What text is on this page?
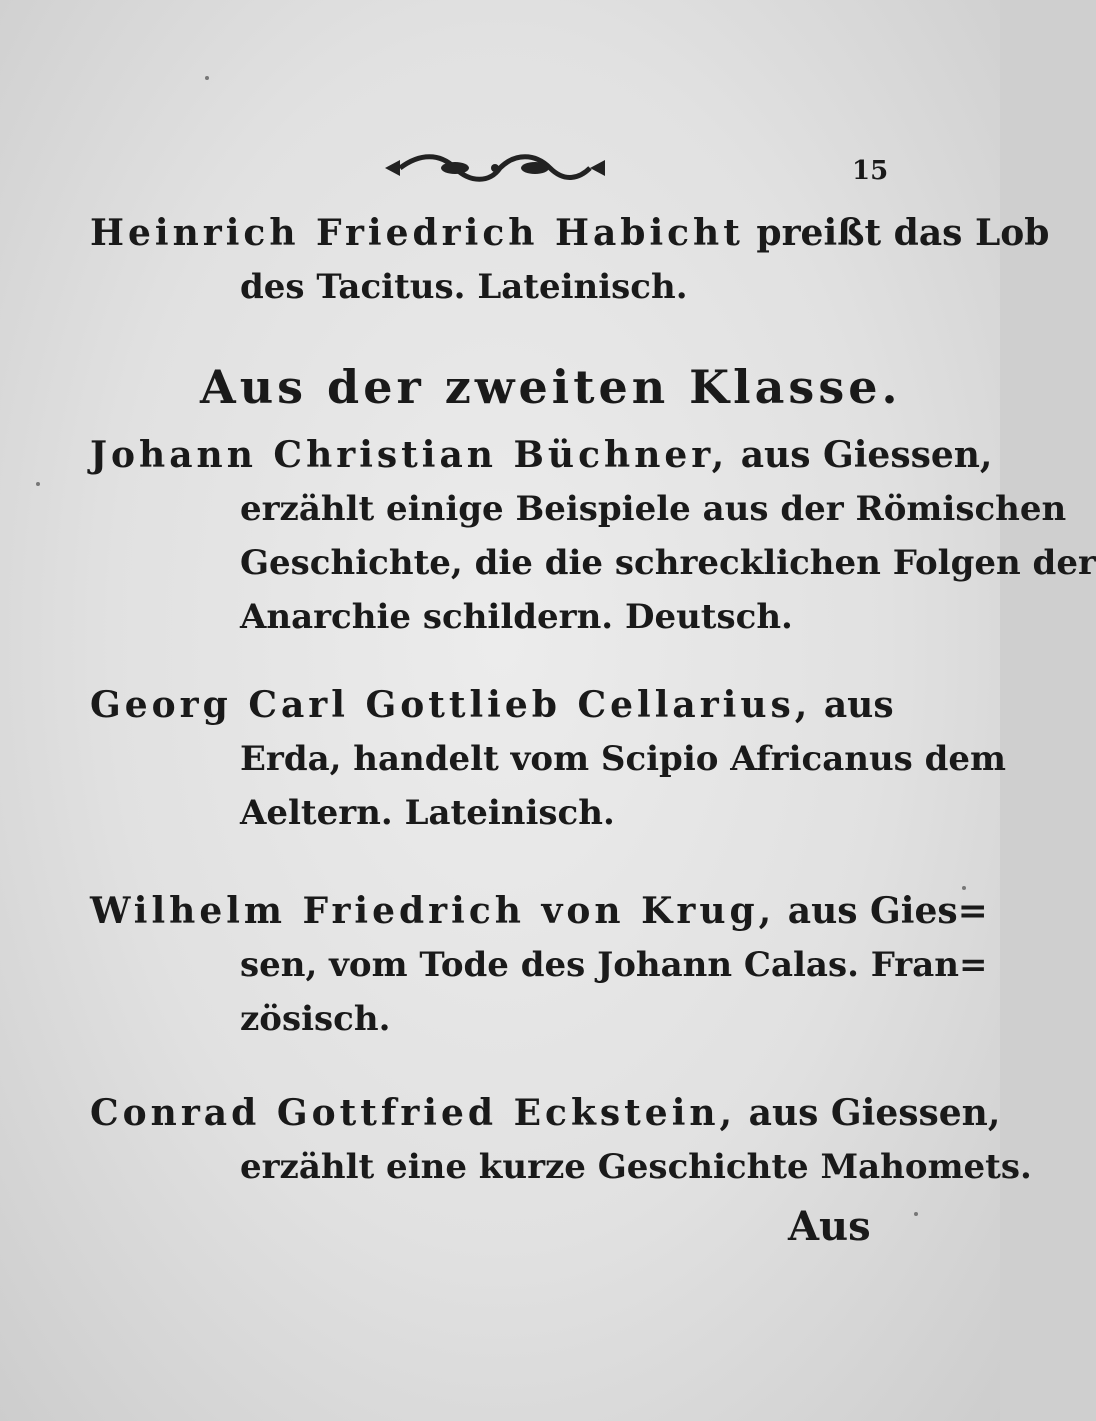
15
Heinrich Friedrich Habicht preißt das Lob
des Tacitus. Lateinisch.
Aus der zweiten Klasse.
Johann Christian Büchner, aus Giessen,
erzählt einige Beispiele aus der Römischen
Geschichte, die die schrecklichen Folgen der
Anarchie schildern. Deutsch.
Georg Carl Gottlieb Cellarius, aus
Erda, handelt vom Scipio Africanus dem
Aeltern. Lateinisch.
Wilhelm Friedrich von Krug, aus Gies=
sen, vom Tode des Johann Calas. Fran=
zösisch.
Conrad Gottfried Eckstein, aus Giessen,
erzählt eine kurze Geschichte Mahomets.
Aus
